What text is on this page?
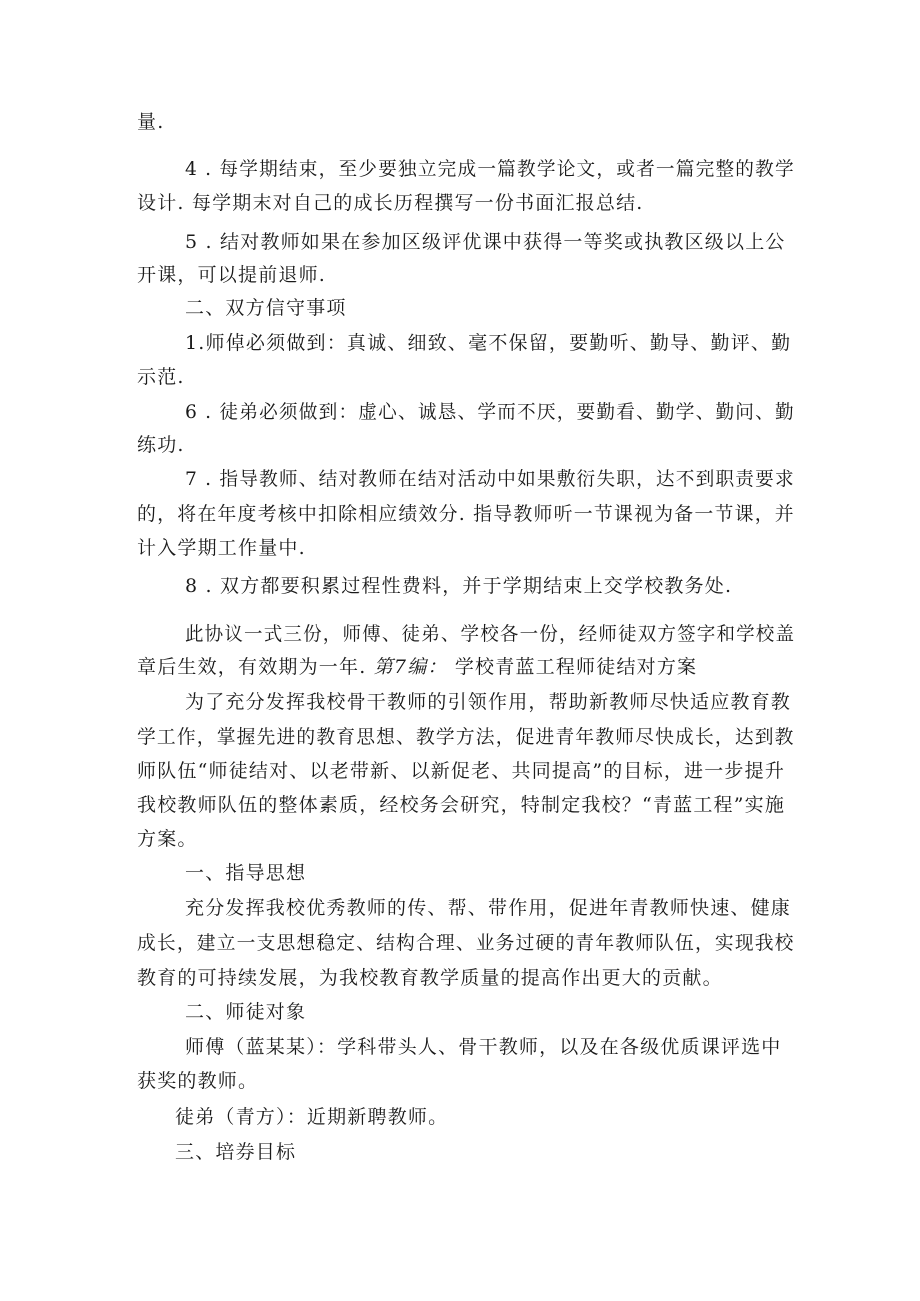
量.
4 . 每学期结束，至少要独立完成一篇教学论文，或者一篇完整的教学
设计. 每学期末对自己的成长历程撰写一份书面汇报总结.
5 . 结对教师如果在参加区级评优课中获得一等奖或执教区级以上公
开课，可以提前退师.
二、双方信守事项
1.师倬必须做到：真诚、细致、毫不保留，要勤听、勤导、勤评、勤
示范.
6 . 徒弟必须做到：虚心、诚恳、学而不厌，要勤看、勤学、勤问、勤
练功.
7 . 指导教师、结对教师在结对活动中如果敷衍失职，达不到职责要求
的，将在年度考核中扣除相应绩效分. 指导教师听一节课视为备一节课，并
计入学期工作量中.
8 . 双方都要积累过程性费料，并于学期结束上交学校教务处.
此协议一式三份，师傅、徒弟、学校各一份，经师徒双方签字和学校盖
章后生效，有效期为一年. 第7编： 学校青蓝工程师徒结对方案
为了充分发挥我校骨干教师的引领作用，帮助新教师尽快适应教育教
学工作，掌握先进的教育思想、教学方法，促进青年教师尽快成长，达到教
师队伍“师徒结对、以老带新、以新促老、共同提高”的目标，进一步提升
我校教师队伍的整体素质，经校务会研究，特制定我校？“青蓝工程”实施
方案。
一、指导思想
充分发挥我校优秀教师的传、帮、带作用，促进年青教师快速、健康
成长，建立一支思想稳定、结构合理、业务过硬的青年教师队伍，实现我校
教育的可持续发展，为我校教育教学质量的提高作出更大的贡献。
二、师徒对象
师傅（蓝某某）：学科带头人、骨干教师，以及在各级优质课评选中
获奖的教师。
徒弟（青方）：近期新聘教师。
三、培券目标
